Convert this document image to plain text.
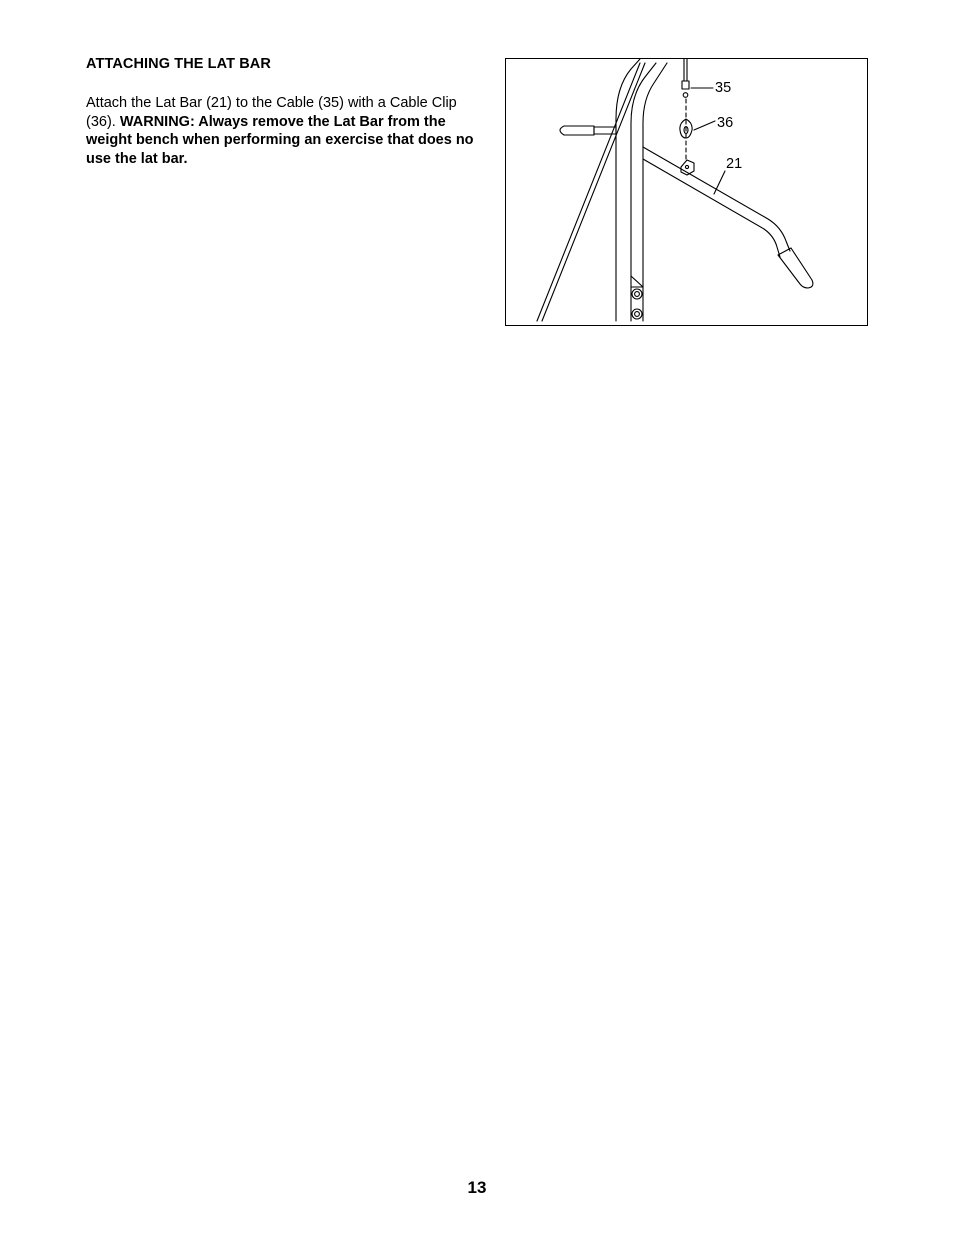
ATTACHING THE LAT BAR

Attach the Lat Bar (21) to the Cable (35) with a Cable Clip (36). WARNING: Always remove the Lat Bar from the weight bench when performing an exercise that does no use the lat bar.

35
36
21

13
